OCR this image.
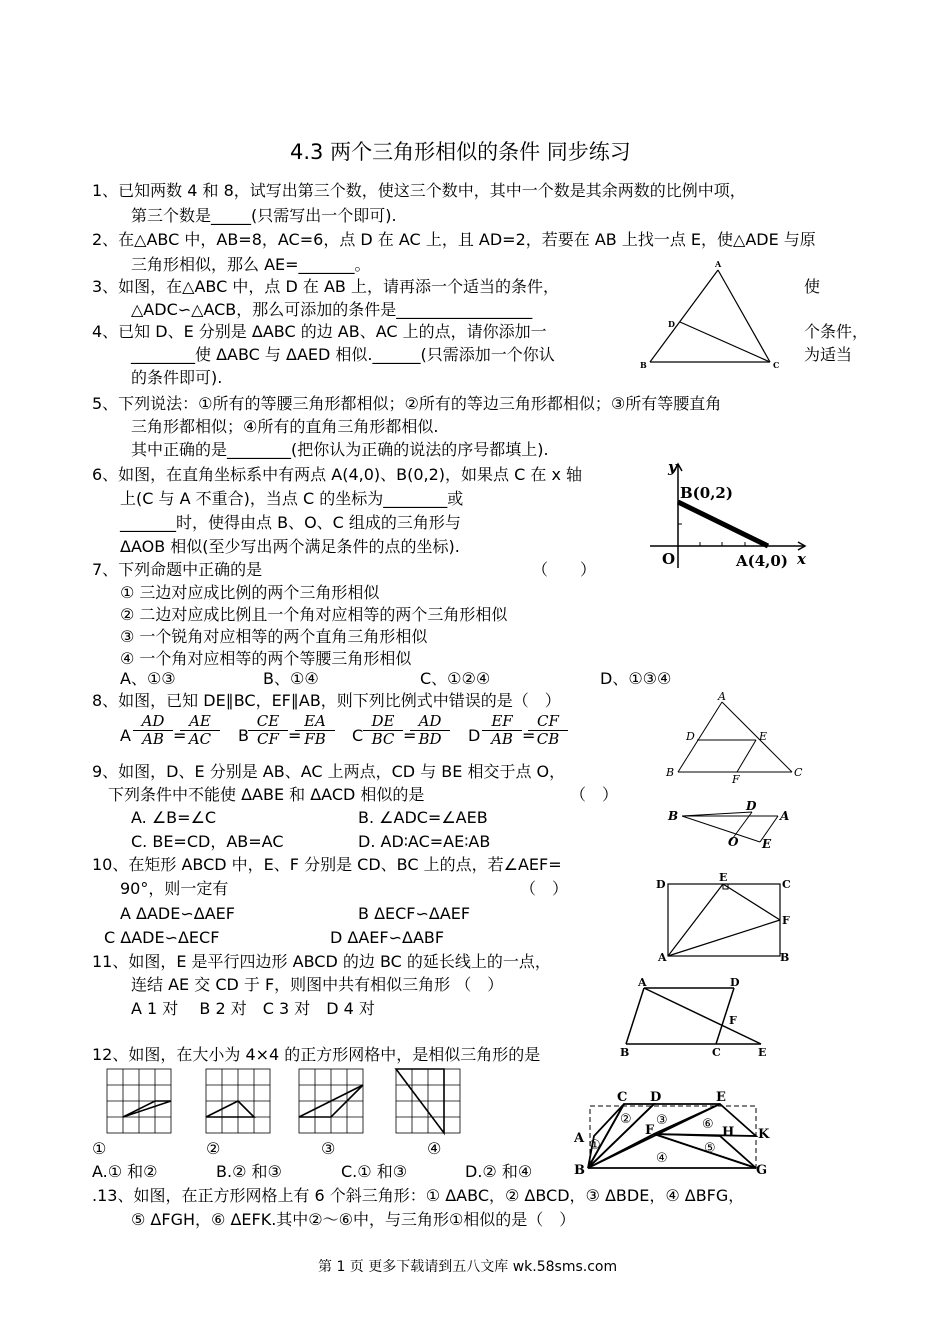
4.3 两个三角形相似的条件 同步练习
1、已知两数 4 和 8，试写出第三个数，使这三个数中，其中一个数是其余两数的比例中项，
第三个数是_____(只需写出一个即可).
2、在△ABC 中，AB=8，AC=6，点 D 在 AC 上，且 AD=2，若要在 AB 上找一点 E，使△ADE 与原
三角形相似，那么 AE=_______。
3、如图，在△ABC 中，点 D 在 AB 上，请再添一个适当的条件，	使
△ADC∽△ACB，那么可添加的条件是_________________
4、已知 D、E 分别是 ΔABC 的边 AB、AC 上的点，请你添加一	个条件，
________使 ΔABC 与 ΔAED 相似.______(只需添加一个你认	为适当
的条件即可).
5、下列说法：①所有的等腰三角形都相似；②所有的等边三角形都相似；③所有等腰直角
三角形都相似；④所有的直角三角形都相似.
其中正确的是________(把你认为正确的说法的序号都填上).
6、如图，在直角坐标系中有两点 A(4,0)、B(0,2)，如果点 C 在 x 轴
上(C 与 A 不重合)，当点 C 的坐标为________或
_______时，使得由点 B、O、C 组成的三角形与
ΔAOB 相似(至少写出两个满足条件的点的坐标).
7、下列命题中正确的是	（　　）
① 三边对应成比例的两个三角形相似
② 二边对应成比例且一个角对应相等的两个三角形相似
③ 一个锐角对应相等的两个直角三角形相似
④ 一个角对应相等的两个等腰三角形相似
A、①③	B、①④	C、①②④	D、①③④
8、如图，已知 DE∥BC，EF∥AB，则下列比例式中错误的是（　）
A $\frac{AD}{AB}$ =
$\frac{AE}{AC}$ B $\frac{CE}{CF}$ =
$\frac{EA}{FB}$ C $\frac{DE}{BC}$ =
$\frac{AD}{BD}$ D $\frac{EF}{AB}$ =
$\frac{CF}{CB}$
9、如图，D、E 分别是 AB、AC 上两点，CD 与 BE 相交于点 O，
下列条件中不能使 ΔABE 和 ΔACD 相似的是	（　）
A. ∠B=∠C	B. ∠ADC=∠AEB
C. BE=CD，AB=AC	D. AD∶AC=AE∶AB
10、在矩形 ABCD 中，E、F 分别是 CD、BC 上的点，若∠AEF=
90°，则一定有	（　）
A ΔADE∽ΔAEF	B ΔECF∽ΔAEF
C ΔADE∽ΔECF	D ΔAEF∽ΔABF
11、如图，E 是平行四边形 ABCD 的边 BC 的延长线上的一点，
连结 AE 交 CD 于 F，则图中共有相似三角形 （　）
A 1 对　 B 2 对　C 3 对　D 4 对
12、如图，在大小为 4×4 的正方形网格中，是相似三角形的是
①	②	③	④
A.① 和②	B.② 和③	C.① 和③	D.② 和④
.13、如图，在正方形网格上有 6 个斜三角形：① ΔABC，② ΔBCD，③ ΔBDE，④ ΔBFG，
⑤ ΔFGH，⑥ ΔEFK.其中②～⑥中，与三角形①相似的是（　）
第 1 页 更多下载请到五八文库 wk.58sms.com
A
D
B	C
y
B(0,2)
O	A(4,0) x
A
D	E
B
F
C
D
B	A
O E
D
E
C
F
A	B
A	D
F
B	C	E
C D	E
A
F	H K
B	G
①
② ③
④
⑤
⑥
